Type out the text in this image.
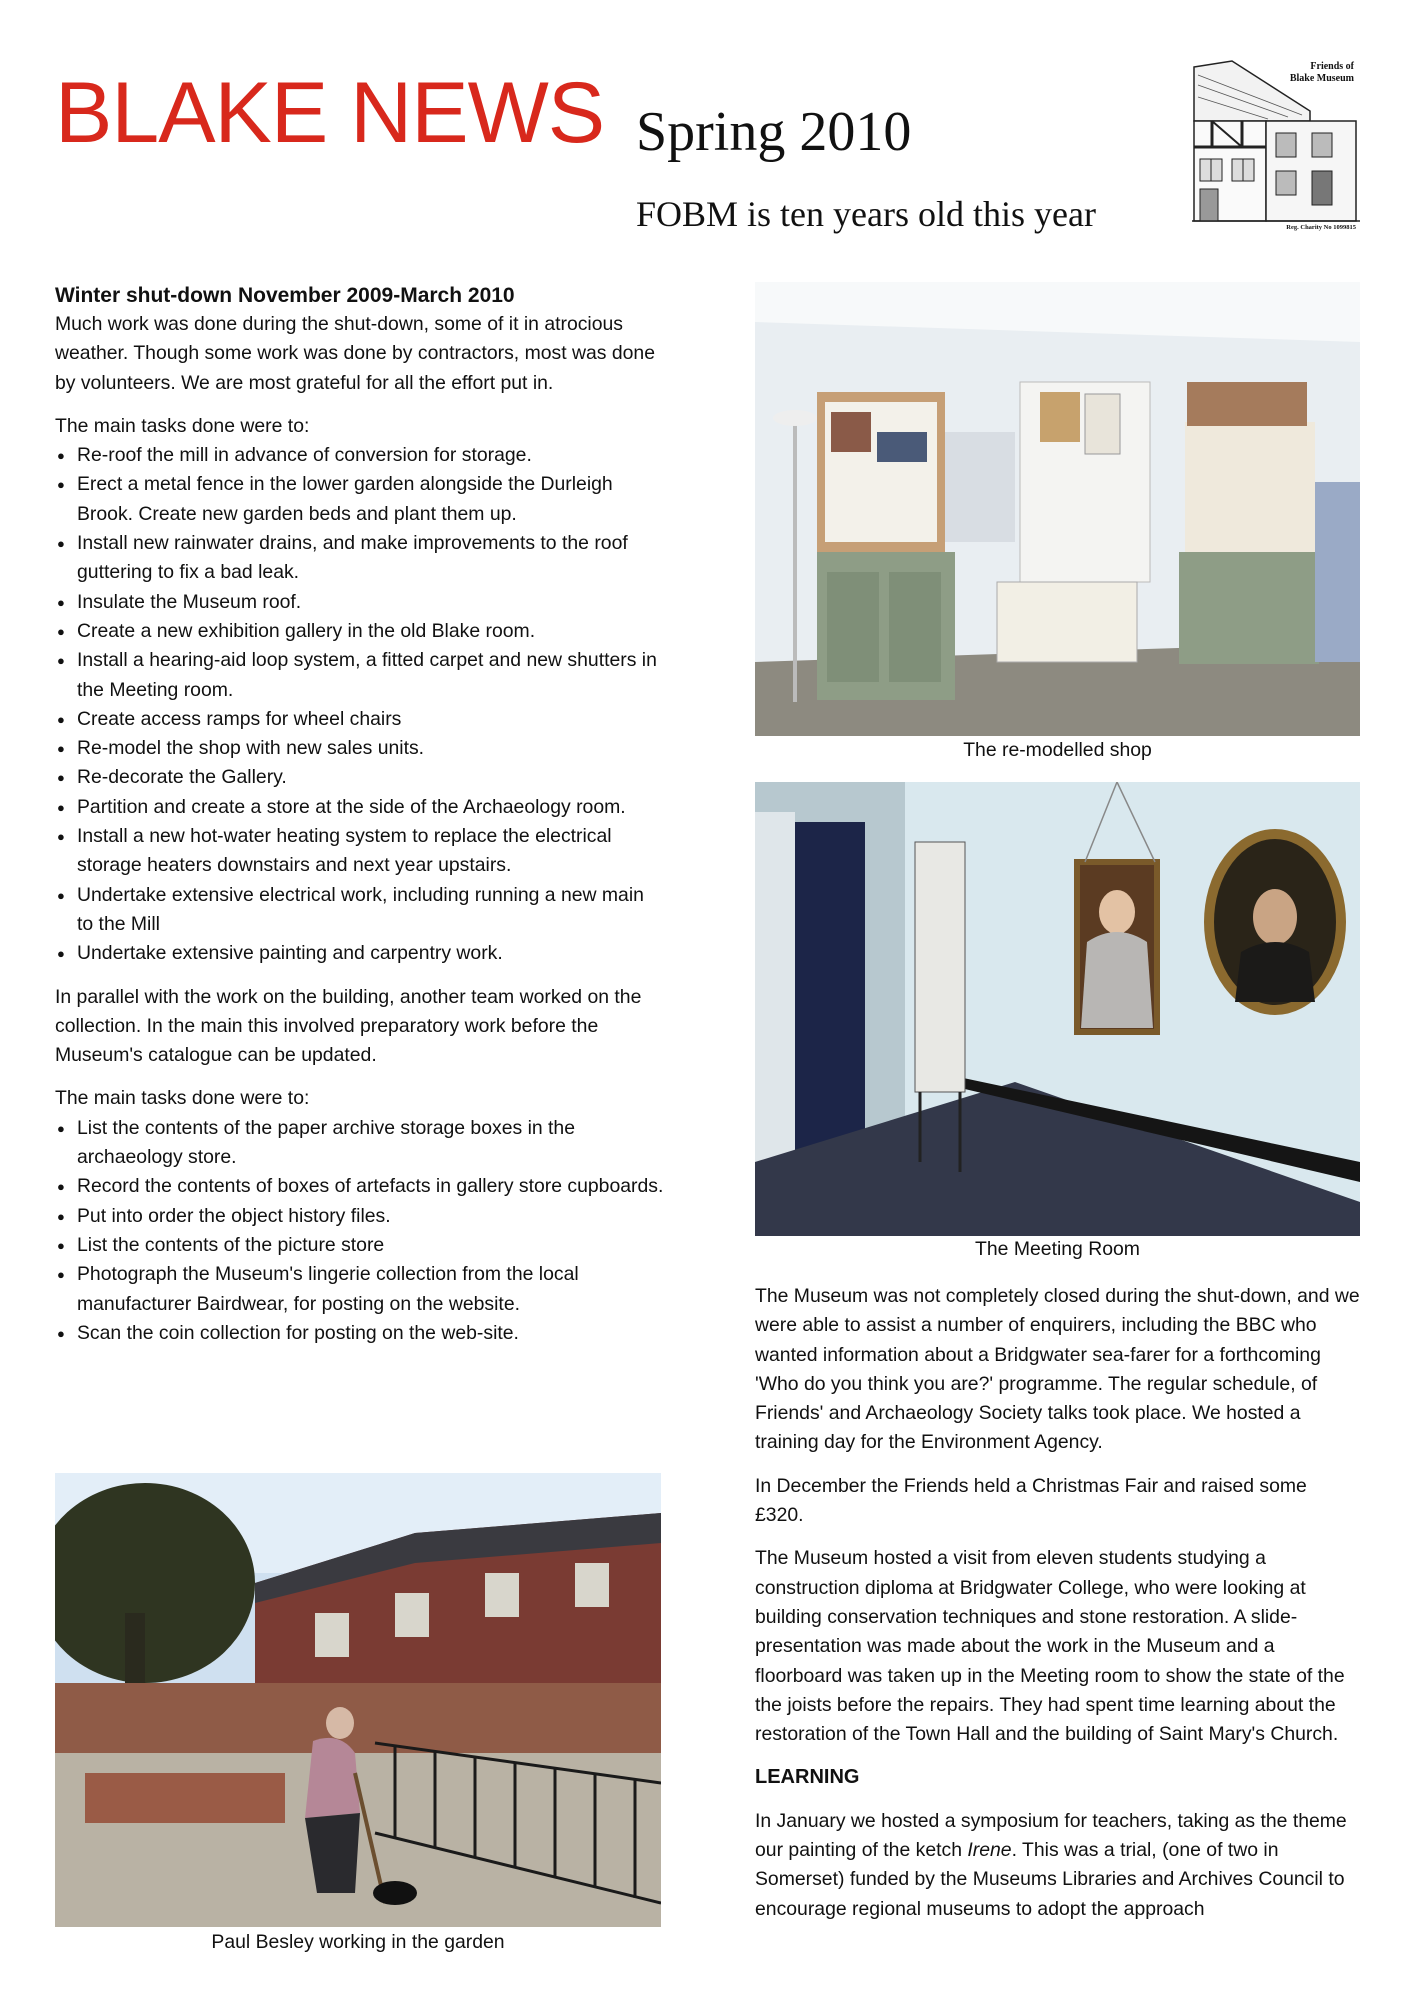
BLAKE NEWS Spring 2010
FOBM is ten years old this year
Friends of
Blake Museum
Reg. Charity No 1099815
Winter shut-down November 2009-March 2010

Much work was done during the shut-down, some of it in atrocious weather. Though some work was done by contractors, most was done by volunteers. We are most grateful for all the effort put in.

The main tasks done were to:
● Re-roof the mill in advance of conversion for storage.
● Erect a metal fence in the lower garden alongside the Durleigh Brook. Create new garden beds and plant them up.
● Install new rainwater drains, and make improvements to the roof guttering to fix a bad leak.
● Insulate the Museum roof.
● Create a new exhibition gallery in the old Blake room.
● Install a hearing-aid loop system, a fitted carpet and new shutters in the Meeting room.
● Create access ramps for wheel chairs
● Re-model the shop with new sales units.
● Re-decorate the Gallery.
● Partition and create a store at the side of the Archaeology room.
● Install a new hot-water heating system to replace the electrical storage heaters downstairs and next year upstairs.
● Undertake extensive electrical work, including running a new main to the Mill
● Undertake extensive painting and carpentry work.

In parallel with the work on the building, another team worked on the collection. In the main this involved preparatory work before the Museum's catalogue can be updated.

The main tasks done were to:
● List the contents of the paper archive storage boxes in the archaeology store.
● Record the contents of boxes of artefacts in gallery store cupboards.
● Put into order the object history files.
● List the contents of the picture store
● Photograph the Museum's lingerie collection from the local manufacturer Bairdwear, for posting on the website.
● Scan the coin collection for posting on the web-site.
The re-modelled shop
The Meeting Room
Paul Besley working in the garden

The Museum was not completely closed during the shut-down, and we were able to assist a number of enquirers, including the BBC who wanted information about a Bridgwater sea-farer for a forthcoming 'Who do you think you are?' programme. The regular schedule, of Friends' and Archaeology Society talks took place. We hosted a training day for the Environment Agency.

In December the Friends held a Christmas Fair and raised some £320.

The Museum hosted a visit from eleven students studying a construction diploma at Bridgwater College, who were looking at building conservation techniques and stone restoration. A slide-presentation was made about the work in the Museum and a floorboard was taken up in the Meeting room to show the state of the the joists before the repairs. They had spent time learning about the restoration of the Town Hall and the building of Saint Mary's Church.

LEARNING

In January we hosted a symposium for teachers, taking as the theme our painting of the ketch Irene. This was a trial, (one of two in Somerset) funded by the Museums Libraries and Archives Council to encourage regional museums to adopt the approach
